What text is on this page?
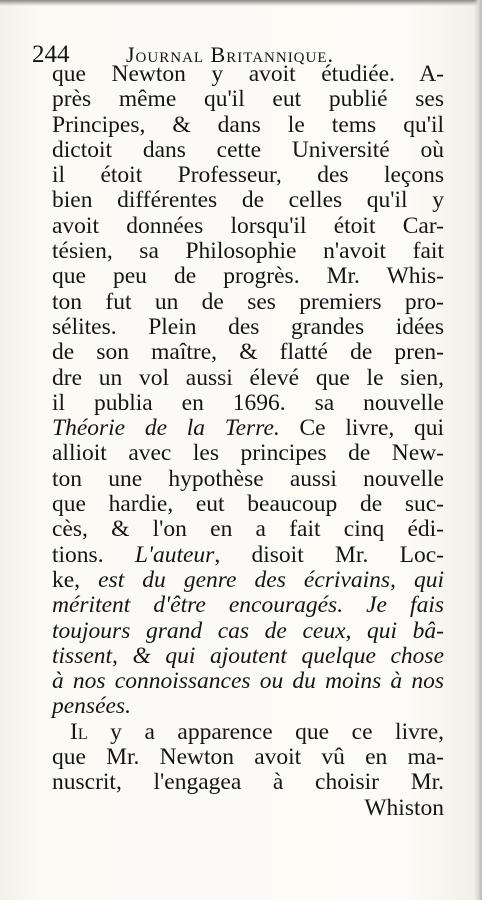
244	Journal Britannique.
que Newton y avoit étudiée. A-
près même qu'il eut publié ses
Principes, & dans le tems qu'il
dictoit dans cette Université où
il étoit Professeur, des leçons
bien différentes de celles qu'il y
avoit données lorsqu'il étoit Car-
tésien, sa Philosophie n'avoit fait
que peu de progrès. Mr. Whis-
ton fut un de ses premiers pro-
sélites. Plein des grandes idées
de son maître, & flatté de pren-
dre un vol aussi élevé que le sien,
il publia en 1696. sa nouvelle
Théorie de la Terre. Ce livre, qui
allioit avec les principes de New-
ton une hypothèse aussi nouvelle
que hardie, eut beaucoup de suc-
cès, & l'on en a fait cinq édi-
tions. L'auteur, disoit Mr. Loc-
ke, est du genre des écrivains, qui
méritent d'être encouragés. Je fais
toujours grand cas de ceux, qui bâ-
tissent, & qui ajoutent quelque chose
à nos connoissances ou du moins à nos
pensées.
Il y a apparence que ce livre,
que Mr. Newton avoit vû en ma-
nuscrit, l'engagea à choisir Mr.
Whiston
